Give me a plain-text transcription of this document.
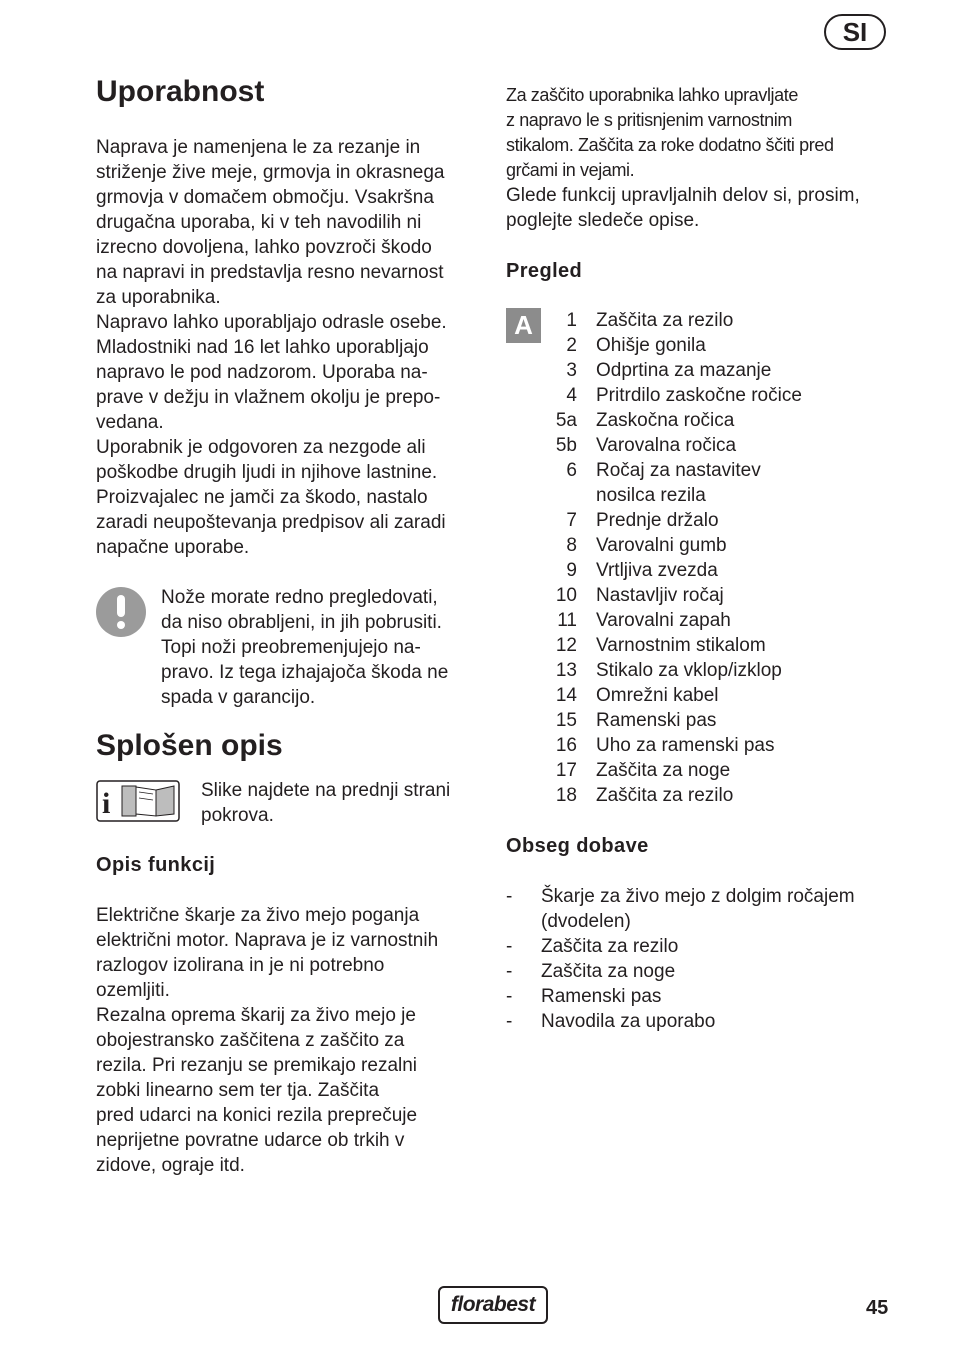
SI
Uporabnost

Naprava je namenjena le za rezanje in

striženje žive meje, grmovja in okrasnega

grmovja v domačem območju. Vsakršna

drugačna uporaba, ki v teh navodilih ni

izrecno dovoljena, lahko povzroči škodo

na napravi in predstavlja resno nevarnost

za uporabnika.

Napravo lahko uporabljajo odrasle osebe.

Mladostniki nad 16 let lahko uporabljajo

napravo le pod nadzorom. Uporaba na-

prave v dežju in vlažnem okolju je prepo-

vedana.

Uporabnik je odgovoren za nezgode ali

poškodbe drugih ljudi in njihove lastnine.

Proizvajalec ne jamči za škodo, nastalo

zaradi neupoštevanja predpisov ali zaradi

napačne uporabe.

Nože morate redno pregledovati,

da niso obrabljeni, in jih pobrusiti.

Topi noži preobremenjujejo na-

pravo. Iz tega izhajajoča škoda ne

spada v garancijo.

Splošen opis
i	Slike najdete na prednji strani

pokrova.

Opis funkcij

Električne škarje za živo mejo poganja

električni motor. Naprava je iz varnostnih

razlogov izolirana in je ni potrebno

ozemljiti.

Rezalna oprema škarij za živo mejo je

obojestransko zaščitena z zaščito za

rezila. Pri rezanju se premikajo rezalni

zobki linearno sem ter tja. Zaščita

pred udarci na konici rezila preprečuje

neprijetne povratne udarce ob trkih v

zidove, ograje itd.

Za zaščito uporabnika lahko upravljate

z napravo le s pritisnjenim varnostnim

stikalom. Zaščita za roke dodatno ščiti pred

grčami in vejami.

Glede funkcij upravljalnih delov si, prosim,

poglejte sledeče opise.

Pregled
A	1 Zaščita za rezilo
2 Ohišje gonila
3 Odprtina za mazanje
4 Pritrdilo zaskočne ročice
5a Zaskočna ročica
5b Varovalna ročica
6 Ročaj za nastavitev
nosilca rezila
7 Prednje držalo
8 Varovalni gumb
9 Vrtljiva zvezda
10 Nastavljiv ročaj
11 Varovalni zapah
12 Varnostnim stikalom
13 Stikalo za vklop/izklop
14 Omrežni kabel
15 Ramenski pas
16 Uho za ramenski pas
17 Zaščita za noge
18 Zaščita za rezilo
Obseg dobave
-	Škarje za živo mejo z dolgim ročajem
(dvodelen)
-	Zaščita za rezilo
-	Zaščita za noge
-	Ramenski pas
-	Navodila za uporabo
florabest	45
